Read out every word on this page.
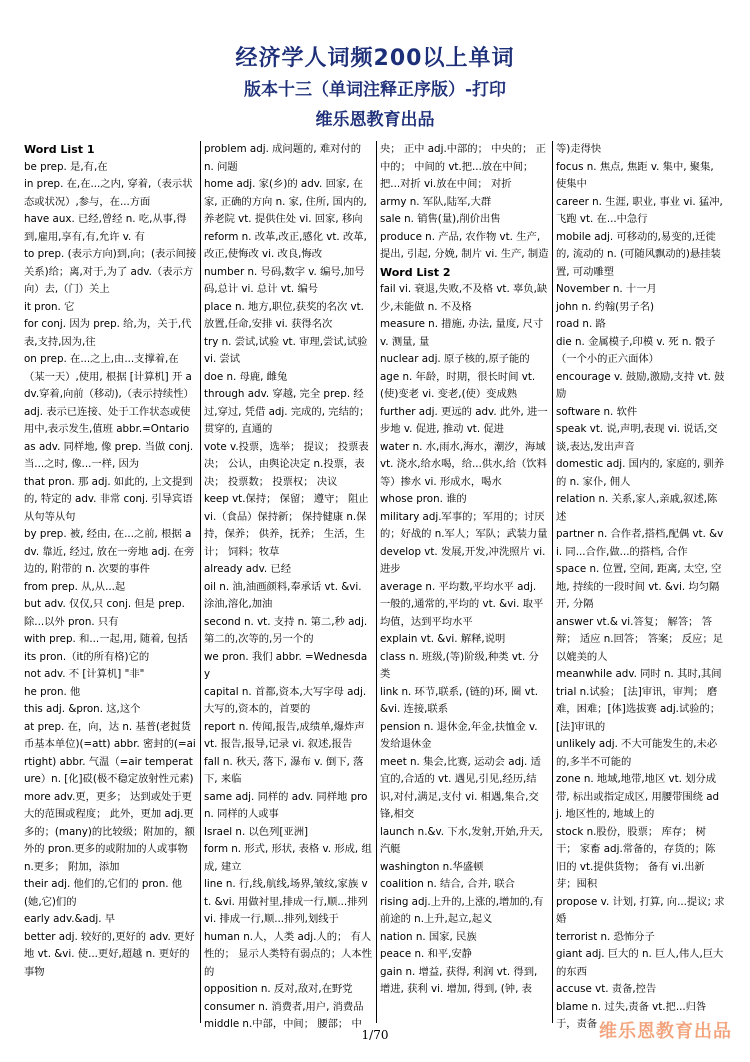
经济学人词频200以上单词
版本十三（单词注释正序版）-打印
维乐恩教育出品

Word List 1

be prep. 是,有,在

in prep. 在,在...之内, 穿着,（表示状态或状况）,参与，在...方面

have aux. 已经,曾经 n. 吃,从事,得到,雇用,享有,有,允许 v. 有

to prep. (表示方向)到,向；(表示间接关系)给；离,对于,为了 adv.（表示方向）去,（门）关上

it pron. 它

for conj. 因为 prep. 给,为，关于,代表,支持,因为,往

on prep. 在...之上,由...支撑着,在（某一天）,使用, 根据 [计算机] 开 adv.穿着,向前（移动),（表示持续性）adj. 表示已连接、处于工作状态或使用中,表示发生,值班 abbr.=Ontario

as adv. 同样地, 像 prep. 当做 conj. 当...之时, 像...一样, 因为

that pron. 那 adj. 如此的, 上文提到的, 特定的 adv. 非常 conj. 引导宾语从句等从句

by prep. 被, 经由, 在...之前, 根据 adv. 靠近, 经过, 放在一旁地 adj. 在旁边的, 附带的 n. 次要的事件

from prep. 从,从...起

but adv. 仅仅,只 conj. 但是 prep. 除...以外 pron. 只有

with prep. 和...一起,用, 随着, 包括

its pron.（it的所有格)它的

not adv. 不 [计算机] "非"

he pron. 他

this adj. &pron. 这,这个

at prep. 在，向，达 n. 基普(老挝货币基本单位)(=att) abbr. 密封的(=airtight) abbr. 气温（=air temperature）n. [化]砹(极不稳定放射性元素)

more adv.更，更多； 达到或处于更大的范围或程度； 此外，更加 adj.更多的；(many)的比较级；附加的，额外的 pron.更多的或附加的人或事物 n.更多； 附加，添加

their adj. 他们的,它们的 pron. 他(她,它)们的

early adv.&adj. 早

better adj. 较好的,更好的 adv. 更好地 vt. &vi. 使...更好,超越 n. 更好的事物

problem adj. 成问题的, 难对付的 n. 问题

home adj. 家(乡)的 adv. 回家, 在家, 正确的方向 n. 家, 住所, 国内的, 养老院 vt. 提供住处 vi. 回家, 移向

reform n. 改革,改正,感化 vt. 改革,改正,使悔改 vi. 改良,悔改

number n. 号码,数字 v. 编号,加号码,总计 vi. 总计 vt. 编号

place n. 地方,职位,获奖的名次 vt. 放置,任命,安排 vi. 获得名次

try n. 尝试,试验 vt. 审理,尝试,试验 vi. 尝试

doe n. 母鹿, 雌兔

through adv. 穿越, 完全 prep. 经过,穿过, 凭借 adj. 完成的, 完结的；贯穿的, 直通的

vote v.投票，选举； 提议； 投票表决； 公认，由舆论决定 n.投票，表决； 投票数； 投票权； 决议

keep vt.保持； 保留； 遵守； 阻止 vi.（食品）保持新； 保持健康 n.保持，保养； 供养，抚养； 生活，生计； 饲料；牧草

already adv. 已经

oil n. 油,油画颜料,奉承话 vt. &vi. 涂油,溶化,加油

second n. vt. 支持 n. 第二,秒 adj. 第二的,次等的,另一个的

we pron. 我们 abbr. =Wednesday

capital n. 首都,资本,大写字母 adj. 大写的,资本的，首要的

report n. 传闻,报告,成绩单,爆炸声 vt. 报告,报导,记录 vi. 叙述,报告

fall n. 秋天, 落下, 瀑布 v. 倒下, 落下, 来临

same adj. 同样的 adv. 同样地 pron. 同样的人或事

Israel n. 以色列[亚洲]

form n. 形式, 形状, 表格 v. 形成, 组成, 建立

line n. 行,线,航线,场界,皱纹,家族 vt. &vi. 用做衬里,排成一行,顺...排列 vi. 排成一行,顺...排列,划线于

human n.人，人类 adj.人的； 有人性的； 显示人类特有弱点的；人本性的

opposition n. 反对,敌对,在野党

consumer n. 消费者,用户, 消费品

middle n.中部，中间； 腰部； 中

央； 正中 adj.中部的； 中央的； 正中的； 中间的 vt.把...放在中间；把...对折 vi.放在中间； 对折

army n. 军队,陆军,大群

sale n. 销售(量),削价出售

produce n. 产品, 农作物 vt. 生产, 提出, 引起, 分娩, 制片 vi. 生产, 制造

Word List 2

fail vi. 衰退,失败,不及格 vt. 辜负,缺少,未能做 n. 不及格

measure n. 措施, 办法, 量度, 尺寸 v. 测量, 量

nuclear adj. 原子核的,原子能的

age n. 年龄，时期，很长时间 vt.(使)变老 vi. 变老,(使）变成熟

further adj. 更远的 adv. 此外, 进一步地 v. 促进, 推动 vt. 促进

water n. 水,雨水,海水，潮汐，海域 vt. 浇水,给水喝，给...供水,给（饮料等）掺水 vi. 形成水，喝水

whose pron. 谁的

military adj.军事的；军用的；讨厌的；好战的 n.军人；军队；武装力量

develop vt. 发展,开发,冲洗照片 vi. 进步

average n. 平均数,平均水平 adj. 一般的,通常的,平均的 vt. &vi. 取平均值，达到平均水平

explain vt. &vi. 解释,说明

class n. 班级,(等)阶级,种类 vt. 分类

link n. 环节,联系, (链的)环, 圈 vt. &vi. 连接,联系

pension n. 退休金,年金,扶恤金 v. 发给退休金

meet n. 集会,比赛, 运动会 adj. 适宜的,合适的 vt. 遇见,引见,经历,结识,对付,满足,支付 vi. 相遇,集合,交锋,相交

launch n.&v. 下水,发射,开始,升天,汽艇

washington n.华盛顿

coalition n. 结合, 合并, 联合

rising adj.上升的,上涨的,增加的,有前途的 n.上升,起立,起义

nation n. 国家, 民族

peace n. 和平,安静

gain n. 增益, 获得, 利润 vt. 得到, 增进, 获利 vi. 增加, 得到, (钟, 表

等)走得快

focus n. 焦点, 焦距 v. 集中, 聚集, 使集中

career n. 生涯, 职业, 事业 vi. 猛冲, 飞跑 vt. 在...中急行

mobile adj. 可移动的,易变的,迁徙的, 流动的 n. (可随风飘动的)悬挂装置, 可动雕塑

November n. 十一月

john n. 约翰(男子名)

road n. 路

die n. 金属模子,印模 v. 死 n. 骰子（一个小的正六面体）

encourage v. 鼓励,激励,支持 vt. 鼓励

software n. 软件

speak vt. 说,声明,表现 vi. 说话,交谈,表达,发出声音

domestic adj. 国内的, 家庭的, 驯养的 n. 家仆, 佣人

relation n. 关系,家人,亲戚,叙述,陈述

partner n. 合作者,搭档,配偶 vt. &vi. 同...合作,做...的搭档, 合作

space n. 位置, 空间, 距离, 太空, 空地, 持续的一段时间 vt. &vi. 均匀隔开, 分隔

answer vt.& vi.答复； 解答； 答辩； 适应 n.回答； 答案； 反应；足以媲美的人

meanwhile adv. 同时 n. 其时,其间

trial n.试验； [法]审讯，审判； 磨难，困难；[体]选拔赛 adj.试验的；[法]审讯的

unlikely adj. 不大可能发生的,未必的,多半不可能的

zone n. 地域,地带,地区 vt. 划分成带, 标出或指定成区, 用腰带围绕 adj. 地区性的, 地域上的

stock n.股份，股票； 库存； 树干； 家畜 adj.常备的，存货的；陈旧的 vt.提供货物； 备有 vi.出新芽；囤积

propose v. 计划, 打算, 向...提议; 求婚

terrorist n. 恐怖分子

giant adj. 巨大的 n. 巨人,伟人,巨大的东西

accuse vt. 责备,控告

blame n. 过失,责备 vt.把...归咎于，责备

1/70	维乐恩教育出品
